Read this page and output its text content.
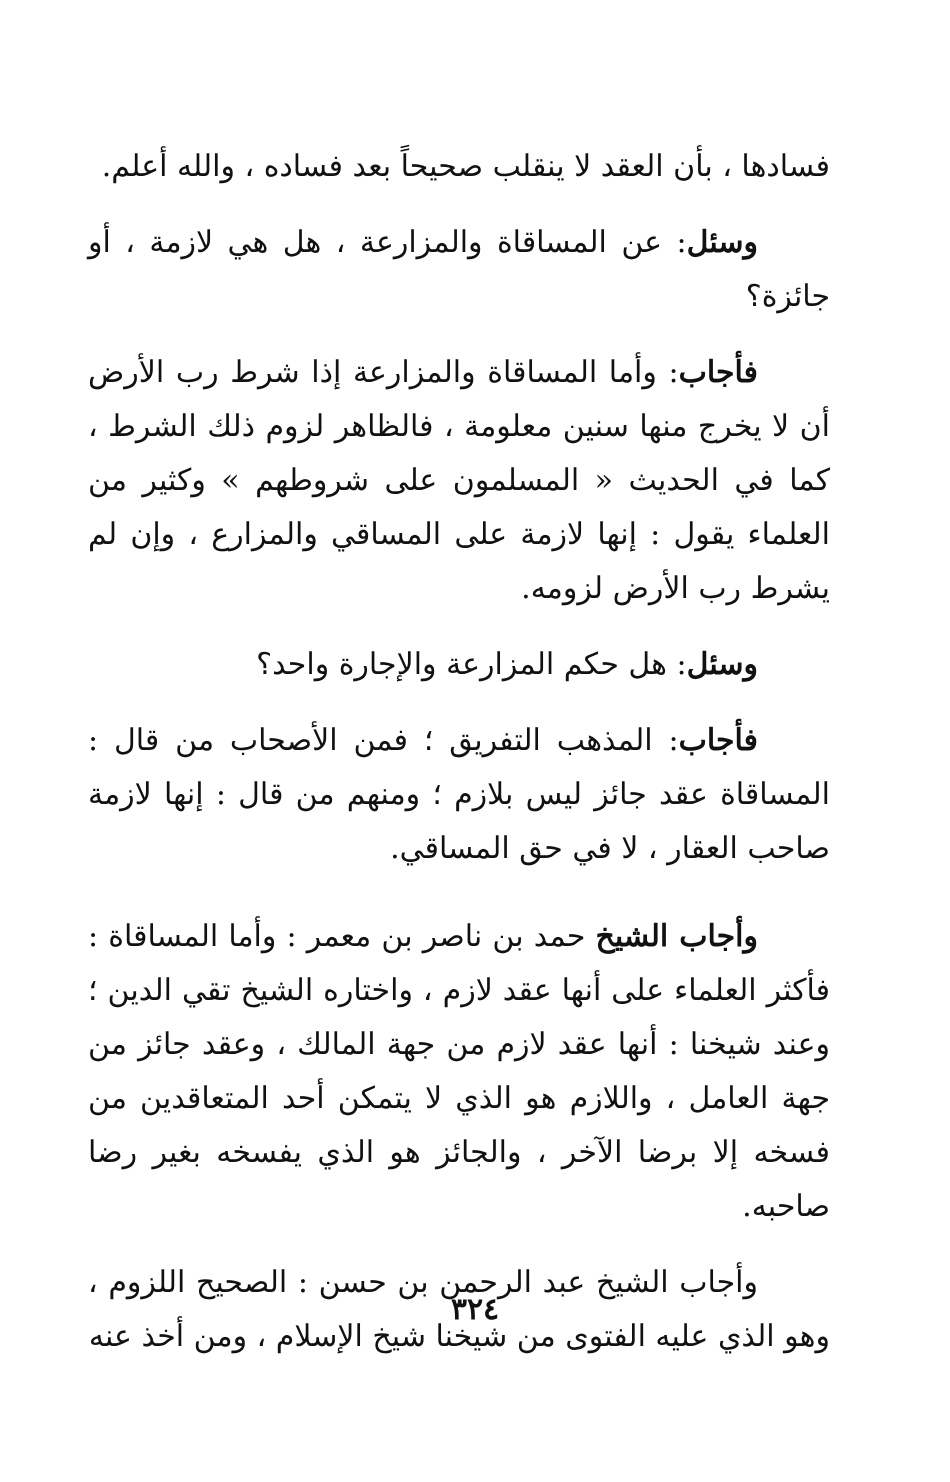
فسادها ، بأن العقد لا ينقلب صحيحاً بعد فساده ، والله أعلم.

وسئل: عن المساقاة والمزارعة ، هل هي لازمة ، أو جائزة؟

فأجاب: وأما المساقاة والمزارعة إذا شرط رب الأرض أن لا يخرج منها سنين معلومة ، فالظاهر لزوم ذلك الشرط ، كما في الحديث « المسلمون على شروطهم » وكثير من العلماء يقول : إنها لازمة على المساقي والمزارع ، وإن لم يشرط رب الأرض لزومه.

وسئل: هل حكم المزارعة والإجارة واحد؟

فأجاب: المذهب التفريق ؛ فمن الأصحاب من قال : المساقاة عقد جائز ليس بلازم ؛ ومنهم من قال : إنها لازمة صاحب العقار ، لا في حق المساقي.

وأجاب الشيخ حمد بن ناصر بن معمر : وأما المساقاة : فأكثر العلماء على أنها عقد لازم ، واختاره الشيخ تقي الدين ؛ وعند شيخنا : أنها عقد لازم من جهة المالك ، وعقد جائز من جهة العامل ، واللازم هو الذي لا يتمكن أحد المتعاقدين من فسخه إلا برضا الآخر ، والجائز هو الذي يفسخه بغير رضا صاحبه.

وأجاب الشيخ عبد الرحمن بن حسن : الصحيح اللزوم ، وهو الذي عليه الفتوى من شيخنا شيخ الإسلام ، ومن أخذ عنه

٣٢٤
